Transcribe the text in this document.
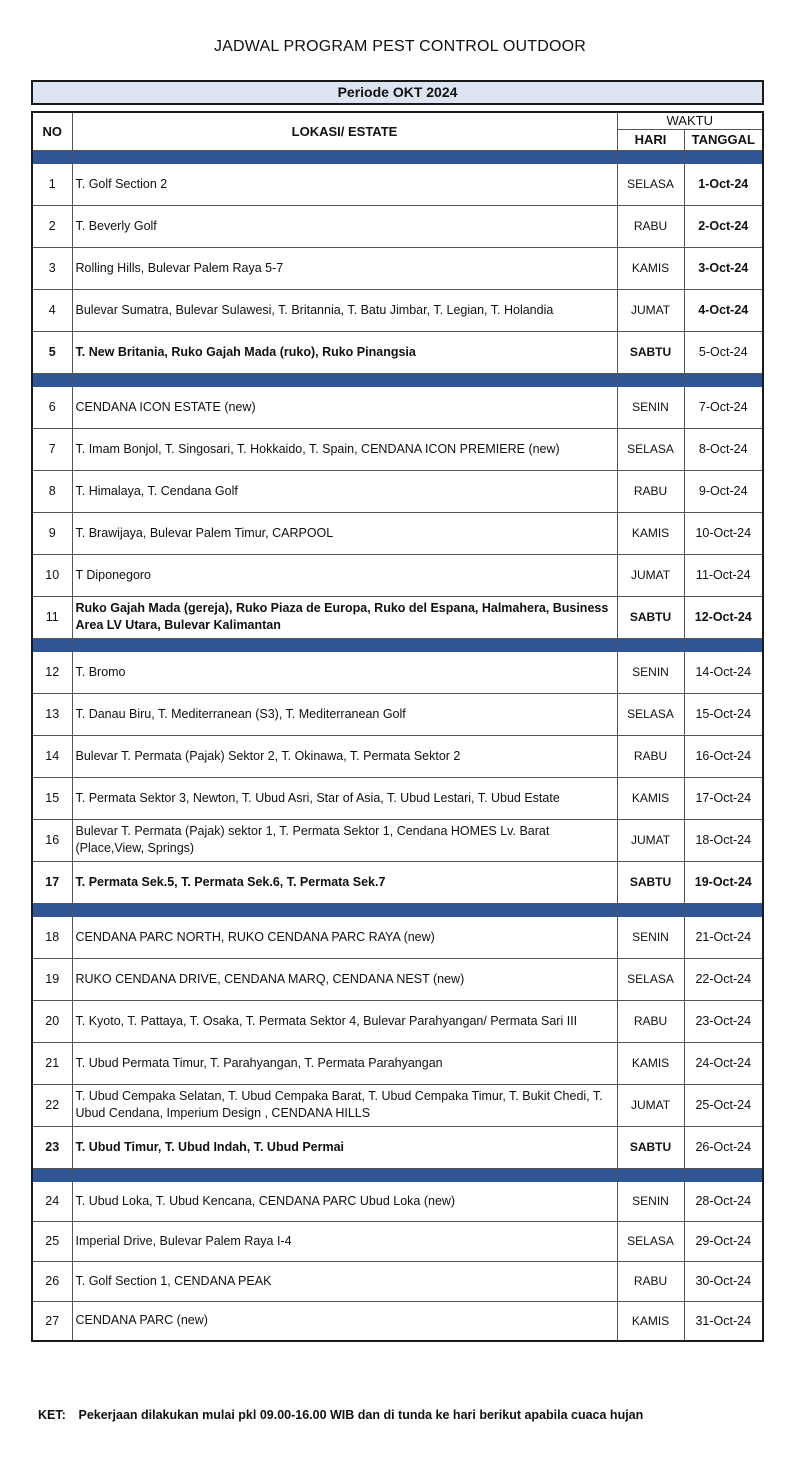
JADWAL PROGRAM PEST CONTROL OUTDOOR
Periode OKT 2024
NO	LOKASI/ ESTATE	WAKTU	
		HARI	TANGGAL

1	T. Golf Section 2	SELASA	1-Oct-24
2	T. Beverly Golf	RABU	2-Oct-24
3	Rolling Hills, Bulevar Palem Raya 5-7	KAMIS	3-Oct-24
4	Bulevar Sumatra, Bulevar Sulawesi, T. Britannia, T. Batu Jimbar, T. Legian, T. Holandia	JUMAT	4-Oct-24
5	T. New Britania, Ruko Gajah Mada (ruko), Ruko Pinangsia	SABTU	5-Oct-24

6	CENDANA ICON ESTATE (new)	SENIN	7-Oct-24
7	T. Imam Bonjol, T. Singosari, T. Hokkaido, T. Spain, CENDANA ICON PREMIERE (new)	SELASA	8-Oct-24
8	T. Himalaya, T. Cendana Golf	RABU	9-Oct-24
9	T. Brawijaya, Bulevar Palem Timur, CARPOOL	KAMIS	10-Oct-24
10	T Diponegoro	JUMAT	11-Oct-24
11	Ruko Gajah Mada (gereja), Ruko Piaza de Europa, Ruko del Espana, Halmahera, Business Area LV Utara, Bulevar Kalimantan	SABTU	12-Oct-24

12	T. Bromo	SENIN	14-Oct-24
13	T. Danau Biru, T. Mediterranean (S3), T. Mediterranean Golf	SELASA	15-Oct-24
14	Bulevar T. Permata (Pajak) Sektor 2, T. Okinawa, T. Permata Sektor 2	RABU	16-Oct-24
15	T. Permata Sektor 3, Newton, T. Ubud Asri, Star of Asia, T. Ubud Lestari, T. Ubud Estate	KAMIS	17-Oct-24
16	Bulevar T. Permata (Pajak) sektor 1, T. Permata Sektor 1, Cendana HOMES Lv. Barat (Place,View, Springs)	JUMAT	18-Oct-24
17	T. Permata Sek.5, T. Permata Sek.6, T. Permata Sek.7	SABTU	19-Oct-24

18	CENDANA PARC NORTH, RUKO CENDANA PARC RAYA (new)	SENIN	21-Oct-24
19	RUKO CENDANA DRIVE, CENDANA MARQ, CENDANA NEST (new)	SELASA	22-Oct-24
20	T. Kyoto, T. Pattaya, T. Osaka, T. Permata Sektor 4, Bulevar Parahyangan/ Permata Sari III	RABU	23-Oct-24
21	T. Ubud Permata Timur, T. Parahyangan, T. Permata Parahyangan	KAMIS	24-Oct-24
22	T. Ubud Cempaka Selatan, T. Ubud Cempaka Barat, T. Ubud Cempaka Timur, T. Bukit Chedi, T. Ubud Cendana, Imperium Design , CENDANA HILLS	JUMAT	25-Oct-24
23	T. Ubud Timur, T. Ubud Indah, T. Ubud Permai	SABTU	26-Oct-24

24	T. Ubud Loka, T. Ubud Kencana, CENDANA PARC Ubud Loka (new)	SENIN	28-Oct-24
25	Imperial Drive, Bulevar Palem Raya I-4	SELASA	29-Oct-24
26	T. Golf Section 1, CENDANA PEAK	RABU	30-Oct-24
27	CENDANA PARC (new)	KAMIS	31-Oct-24
KET: Pekerjaan dilakukan mulai pkl 09.00-16.00 WIB dan di tunda ke hari berikut apabila cuaca hujan
